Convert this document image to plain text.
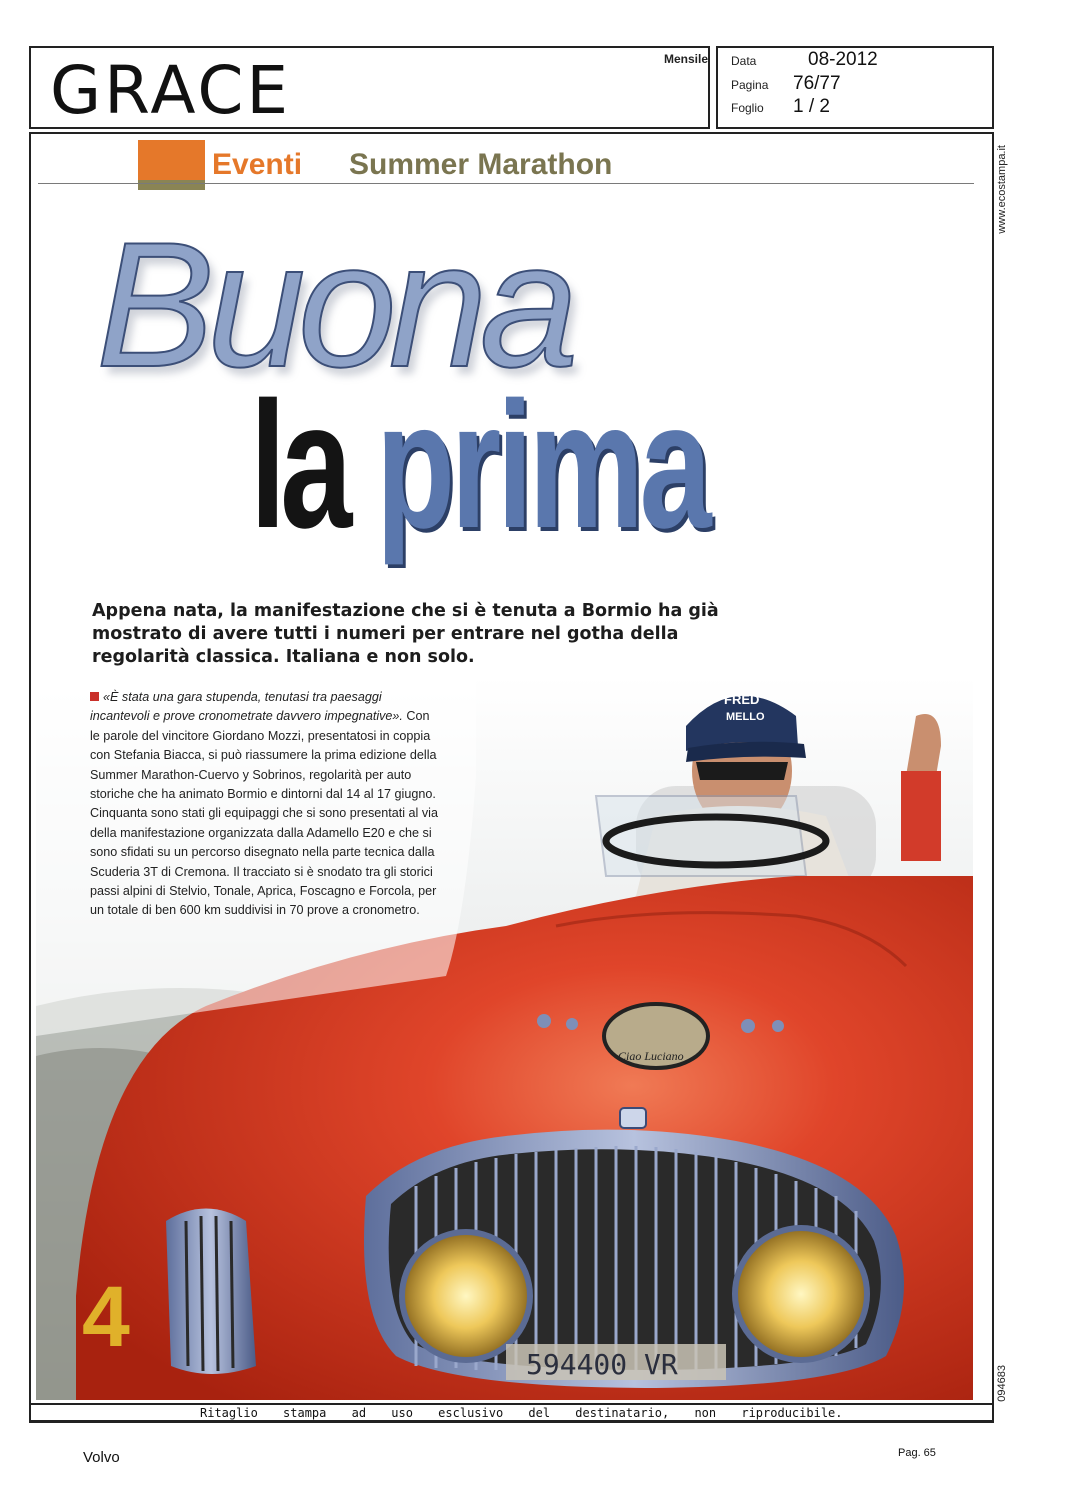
GRACE	Mensile Data	08-2012
Pagina 76/77
Foglio 1 / 2
www.ecostampa.it
094683
Eventi Summer Marathon
FRED
MELLO
Ciao Luciano
4	594400 VR
Buona
la prima
Appena nata, la manifestazione che si è tenuta a Bormio ha già mostrato di avere tutti i numeri per entrare nel gotha della regolarità classica. Italiana e non solo.
«È stata una gara stupenda, tenutasi tra paesaggi incantevoli e prove cronometrate davvero impegnative». Con le parole del vincitore Giordano Mozzi, presentatosi in coppia con Stefania Biacca, si può riassumere la prima edizione della Summer Marathon-Cuervo y Sobrinos, regolarità per auto storiche che ha animato Bormio e dintorni dal 14 al 17 giugno. Cinquanta sono stati gli equipaggi che si sono presentati al via della manifestazione organizzata dalla Adamello E20 e che si sono sfidati su un percorso disegnato nella parte tecnica dalla Scuderia 3T di Cremona. Il tracciato si è snodato tra gli storici passi alpini di Stelvio, Tonale, Aprica, Foscagno e Forcola, per un totale di ben 600 km suddivisi in 70 prove a cronometro.
Ritaglio stampa ad uso esclusivo del destinatario, non riproducibile.
Volvo	Pag. 65
